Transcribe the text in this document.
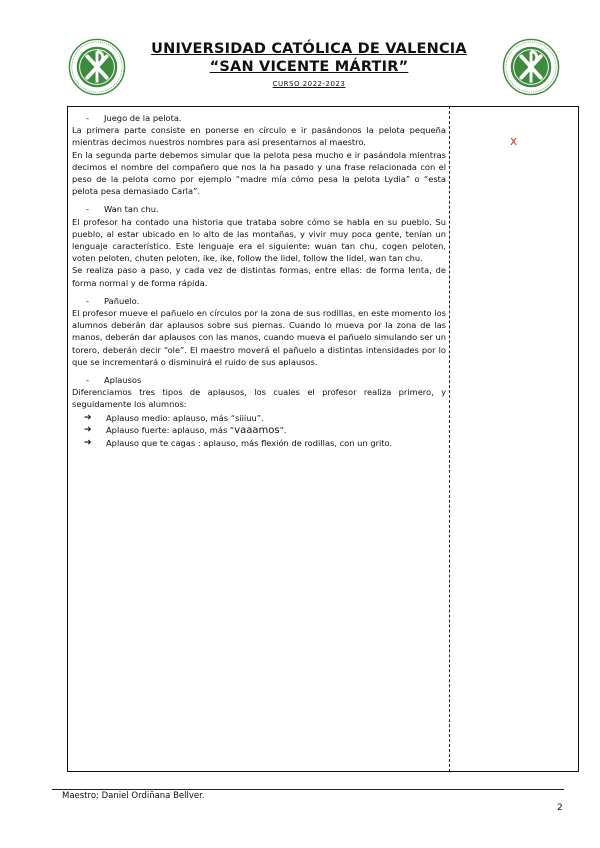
UNIVERSIDAD CATÓLICA DE VALENCIA
“SAN VICENTE MÁRTIR”
CURSO 2022-2023
x

- Juego de la pelota.

La primera parte consiste en ponerse en círculo e ir pasándonos la pelota pequeña mientras decimos nuestros nombres para así presentarnos al maestro.

En la segunda parte debemos simular que la pelota pesa mucho e ir pasándola mientras decimos el nombre del compañero que nos la ha pasado y una frase relacionada con el peso de la pelota como por ejemplo “madre mía cómo pesa la pelota Lydia” o “esta pelota pesa demasiado Carla”.

- Wan tan chu.

El profesor ha contado una historia que trataba sobre cómo se habla en su pueblo. Su pueblo, al estar ubicado en lo alto de las montañas, y vivir muy poca gente, tenían un lenguaje característico. Este lenguaje era el siguiente: wuan tan chu, cogen peloten, voten peloten, chuten peloten, ike, ike, follow the lidel, follow the lidel, wan tan chu.

Se realiza paso a paso, y cada vez de distintas formas, entre ellas: de forma lenta, de forma normal y de forma rápida.

- Pañuelo.

El profesor mueve el pañuelo en círculos por la zona de sus rodillas, en este momento los alumnos deberán dar aplausos sobre sus piernas. Cuando lo mueva por la zona de las manos, deberán dar aplausos con las manos, cuando mueva el pañuelo simulando ser un torero, deberán decir “ole”. El maestro moverá el pañuelo a distintas intensidades por lo que se incrementará o disminuirá el ruido de sus aplausos.

- Aplausos

Diferenciamos tres tipos de aplausos, los cuales el profesor realiza primero, y seguidamente los alumnos:

➔ Aplauso medio: aplauso, más “siiiuu”.
➔ Aplauso fuerte: aplauso, más “vaaamos”.
➔ Aplauso que te cagas : aplauso, más flexión de rodillas, con un grito.
Maestro: Daniel Ordiñana Bellver.
2
